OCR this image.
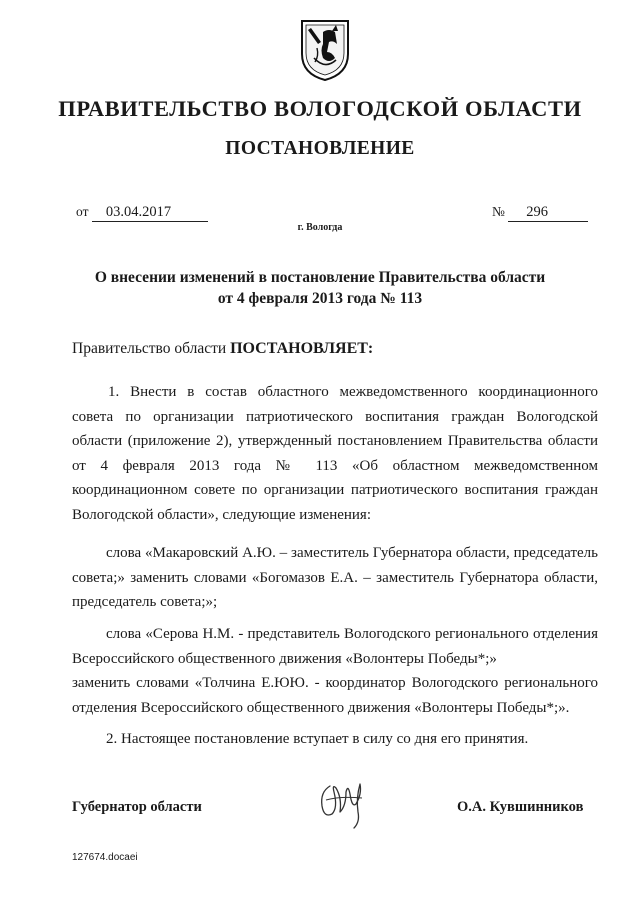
ПРАВИТЕЛЬСТВО ВОЛОГОДСКОЙ ОБЛАСТИ
ПОСТАНОВЛЕНИЕ
от 03.04.2017	№ 296
г. Вологда
О внесении изменений в постановление Правительства области
от 4 февраля 2013 года № 113
Правительство области ПОСТАНОВЛЯЕТ:

1. Внести в состав областного межведомственного координационного совета по организации патриотического воспитания граждан Вологодской области (приложение 2), утвержденный постановлением Правительства области от 4 февраля 2013 года № 113 «Об областном межведомственном координационном совете по организации патриотического воспитания граждан Вологодской области», следующие изменения:

слова «Макаровский А.Ю. – заместитель Губернатора области, председатель совета;» заменить словами «Богомазов Е.А. – заместитель Губернатора области, председатель совета;»;

слова «Серова Н.М. - представитель Вологодского регионального отделения Всероссийского общественного движения «Волонтеры Победы*;»

заменить словами «Толчина Е.ЮЮ. - координатор Вологодского регионального отделения Всероссийского общественного движения «Волонтеры Победы*;».

2. Настоящее постановление вступает в силу со дня его принятия.

Губернатор области	О.А. Кувшинников
127674.docaei
